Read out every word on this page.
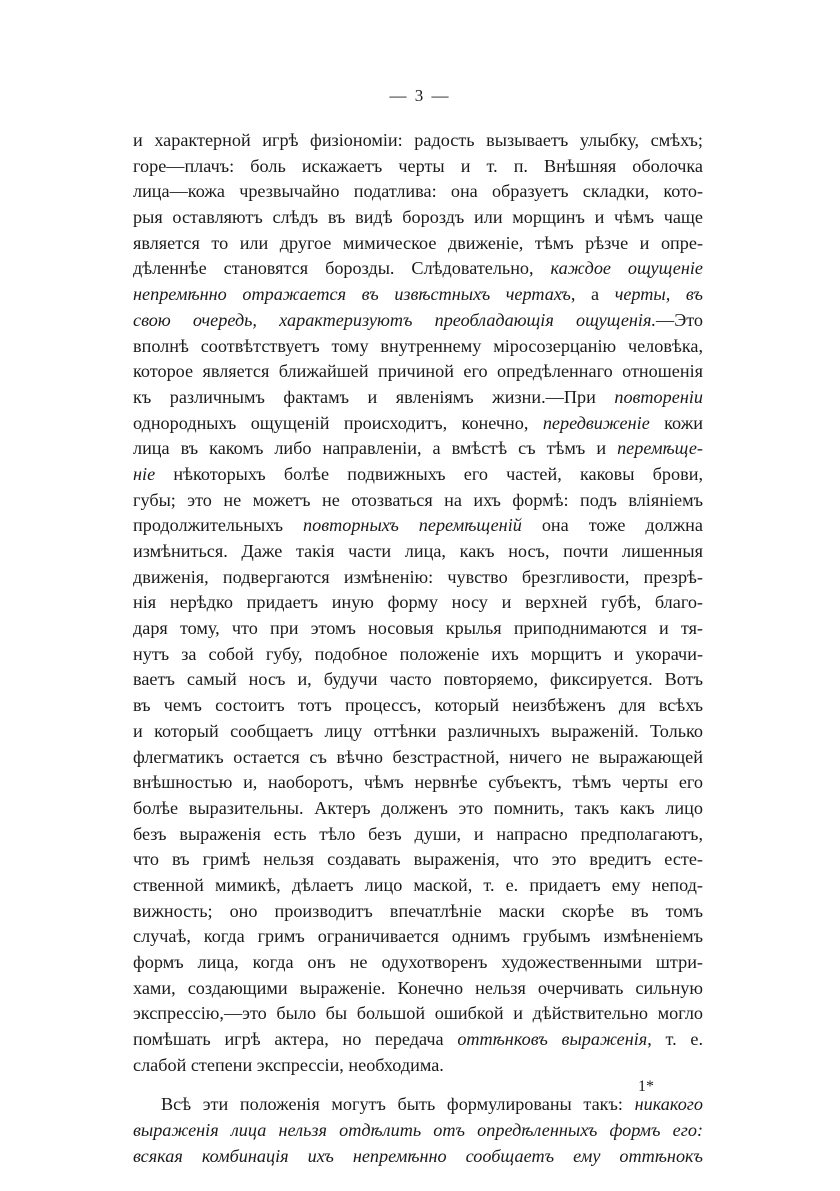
— 3 —
и характерной игрѣ физіономіи: радость вызываетъ улыбку, смѣхъ;
горе—плачъ: боль искажаетъ черты и т. п. Внѣшняя оболочка
лица—кожа чрезвычайно податлива: она образуетъ складки, кото-
рыя оставляютъ слѣдъ въ видѣ бороздъ или морщинъ и чѣмъ чаще
является то или другое мимическое движеніе, тѣмъ рѣзче и опре-
дѣленнѣе становятся борозды. Слѣдовательно, каждое ощущеніе
непремѣнно отражается въ извѣстныхъ чертахъ, а черты, въ
свою очередь, характеризуютъ преобладающія ощущенія.—Это
вполнѣ соотвѣтствуетъ тому внутреннему міросозерцанію человѣка,
которое является ближайшей причиной его опредѣленнаго отношенія
къ различнымъ фактамъ и явленіямъ жизни.—При повтореніи
однородныхъ ощущеній происходитъ, конечно, передвиженіе кожи
лица въ какомъ либо направленіи, а вмѣстѣ съ тѣмъ и перемѣще-
ніе нѣкоторыхъ болѣе подвижныхъ его частей, каковы брови,
губы; это не можетъ не отозваться на ихъ формѣ: подъ вліяніемъ
продолжительныхъ повторныхъ перемѣщеній она тоже должна
измѣниться. Даже такія части лица, какъ носъ, почти лишенныя
движенія, подвергаются измѣненію: чувство брезгливости, презрѣ-
нія нерѣдко придаетъ иную форму носу и верхней губѣ, благо-
даря тому, что при этомъ носовыя крылья приподнимаются и тя-
нутъ за собой губу, подобное положеніе ихъ морщитъ и укорачи-
ваетъ самый носъ и, будучи часто повторяемо, фиксируется. Вотъ
въ чемъ состоитъ тотъ процессъ, который неизбѣженъ для всѣхъ
и который сообщаетъ лицу оттѣнки различныхъ выраженій. Только
флегматикъ остается съ вѣчно безстрастной, ничего не выражающей
внѣшностью и, наоборотъ, чѣмъ нервнѣе субъектъ, тѣмъ черты его
болѣе выразительны. Актеръ долженъ это помнить, такъ какъ лицо
безъ выраженія есть тѣло безъ души, и напрасно предполагаютъ,
что въ гримѣ нельзя создавать выраженія, что это вредитъ есте-
ственной мимикѣ, дѣлаетъ лицо маской, т. е. придаетъ ему непод-
вижность; оно производитъ впечатлѣніе маски скорѣе въ томъ
случаѣ, когда гримъ ограничивается однимъ грубымъ измѣненіемъ
формъ лица, когда онъ не одухотворенъ художественными штри-
хами, создающими выраженіе. Конечно нельзя очерчивать сильную
экспрессію,—это было бы большой ошибкой и дѣйствительно могло
помѣшать игрѣ актера, но передача оттѣнковъ выраженія, т. е.
слабой степени экспрессіи, необходима.
Всѣ эти положенія могутъ быть формулированы такъ: никакого
выраженія лица нельзя отдѣлить отъ опредѣленныхъ формъ его:
всякая комбинація ихъ непремѣнно сообщаетъ ему оттѣнокъ
1*
